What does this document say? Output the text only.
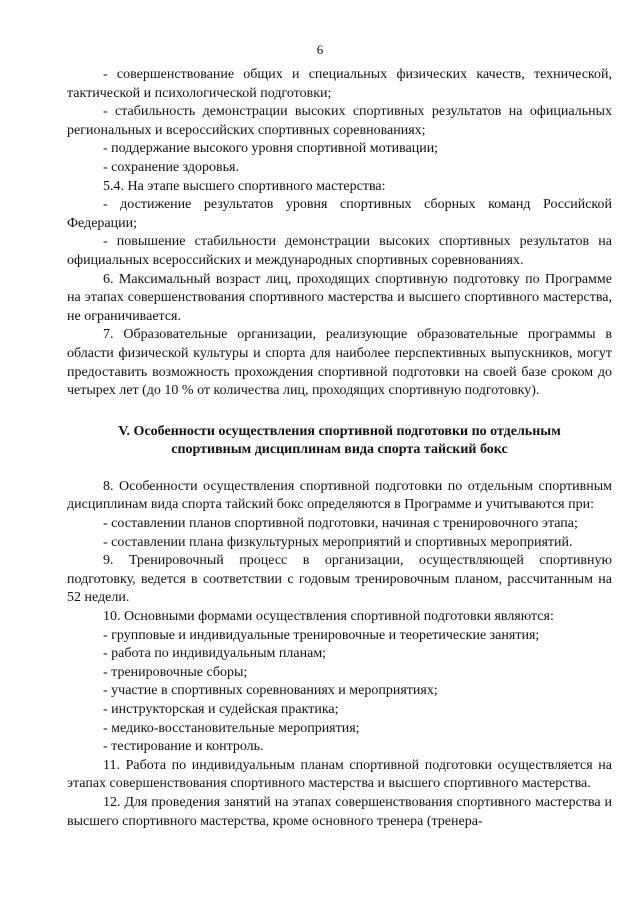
6

- совершенствование общих и специальных физических качеств, технической, тактической и психологической подготовки;

- стабильность демонстрации высоких спортивных результатов на официальных региональных и всероссийских спортивных соревнованиях;

- поддержание высокого уровня спортивной мотивации;

- сохранение здоровья.

5.4. На этапе высшего спортивного мастерства:

- достижение результатов уровня спортивных сборных команд Российской Федерации;

- повышение стабильности демонстрации высоких спортивных результатов на официальных всероссийских и международных спортивных соревнованиях.

6. Максимальный возраст лиц, проходящих спортивную подготовку по Программе на этапах совершенствования спортивного мастерства и высшего спортивного мастерства, не ограничивается.

7. Образовательные организации, реализующие образовательные программы в области физической культуры и спорта для наиболее перспективных выпускников, могут предоставить возможность прохождения спортивной подготовки на своей базе сроком до четырех лет (до 10 % от количества лиц, проходящих спортивную подготовку).

V. Особенности осуществления спортивной подготовки по отдельным спортивным дисциплинам вида спорта тайский бокс

8. Особенности осуществления спортивной подготовки по отдельным спортивным дисциплинам вида спорта тайский бокс определяются в Программе и учитываются при:

- составлении планов спортивной подготовки, начиная с тренировочного этапа;

- составлении плана физкультурных мероприятий и спортивных мероприятий.

9. Тренировочный процесс в организации, осуществляющей спортивную подготовку, ведется в соответствии с годовым тренировочным планом, рассчитанным на 52 недели.

10. Основными формами осуществления спортивной подготовки являются:

- групповые и индивидуальные тренировочные и теоретические занятия;

- работа по индивидуальным планам;

- тренировочные сборы;

- участие в спортивных соревнованиях и мероприятиях;

- инструкторская и судейская практика;

- медико-восстановительные мероприятия;

- тестирование и контроль.

11. Работа по индивидуальным планам спортивной подготовки осуществляется на этапах совершенствования спортивного мастерства и высшего спортивного мастерства.

12. Для проведения занятий на этапах совершенствования спортивного мастерства и высшего спортивного мастерства, кроме основного тренера (тренера-
